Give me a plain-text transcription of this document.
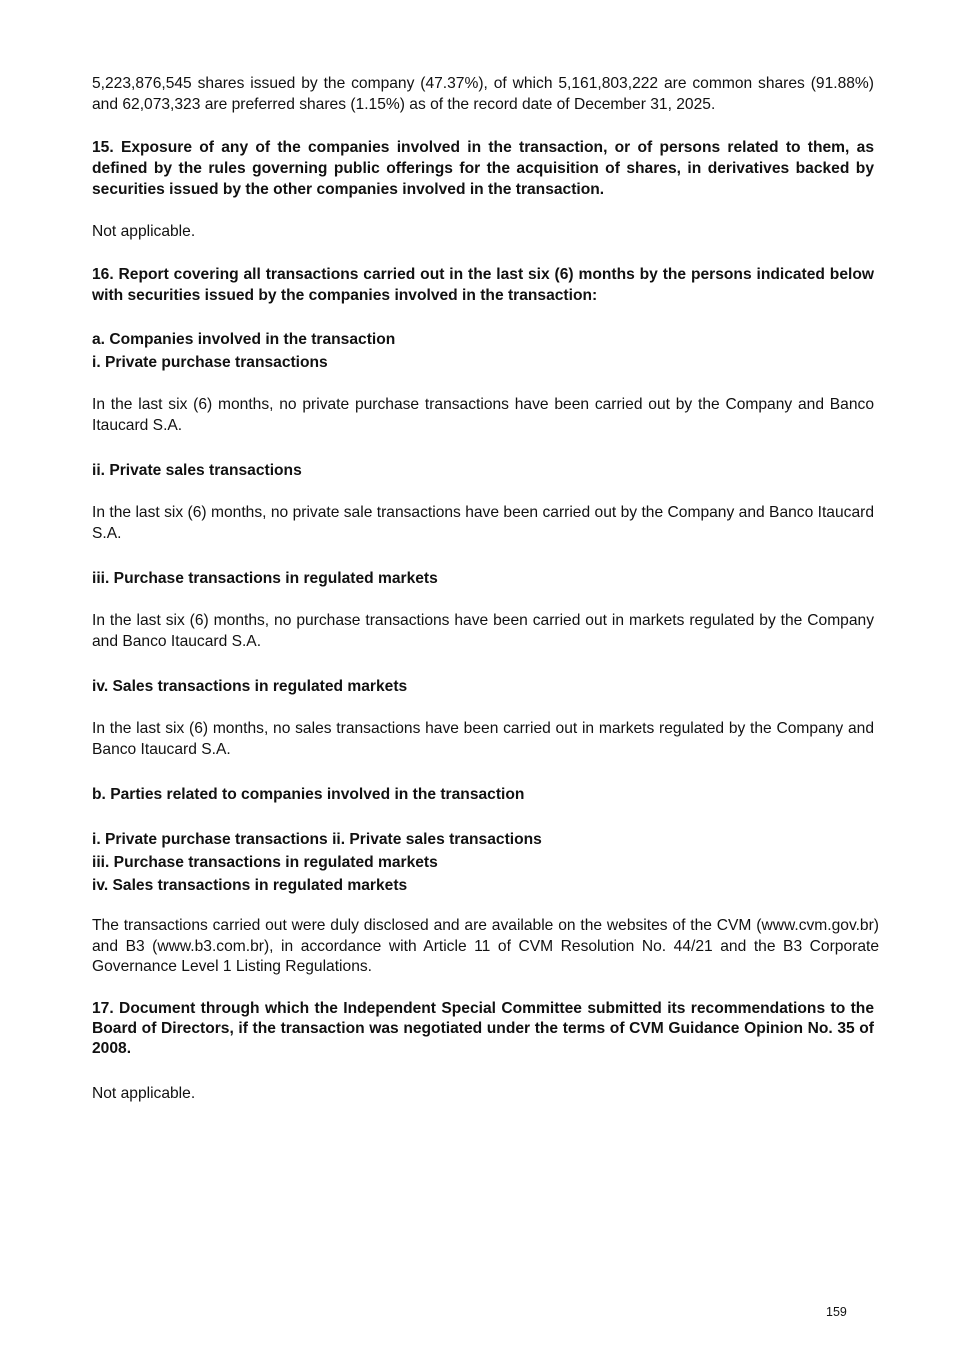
5,223,876,545 shares issued by the company (47.37%), of which 5,161,803,222 are common shares (91.88%) and 62,073,323 are preferred shares (1.15%) as of the record date of December 31, 2025.

15. Exposure of any of the companies involved in the transaction, or of persons related to them, as defined by the rules governing public offerings for the acquisition of shares, in derivatives backed by securities issued by the other companies involved in the transaction.

Not applicable.

16. Report covering all transactions carried out in the last six (6) months by the persons indicated below with securities issued by the companies involved in the transaction:

a. Companies involved in the transaction

i. Private purchase transactions

In the last six (6) months, no private purchase transactions have been carried out by the Company and Banco Itaucard S.A.

ii. Private sales transactions

In the last six (6) months, no private sale transactions have been carried out by the Company and Banco Itaucard S.A.

iii. Purchase transactions in regulated markets

In the last six (6) months, no purchase transactions have been carried out in markets regulated by the Company and Banco Itaucard S.A.

iv. Sales transactions in regulated markets

In the last six (6) months, no sales transactions have been carried out in markets regulated by the Company and Banco Itaucard S.A.

b. Parties related to companies involved in the transaction

i. Private purchase transactions ii. Private sales transactions
iii. Purchase transactions in regulated markets
iv. Sales transactions in regulated markets

The transactions carried out were duly disclosed and are available on the websites of the CVM (www.cvm.gov.br) and B3 (www.b3.com.br), in accordance with Article 11 of CVM Resolution No. 44/21 and the B3 Corporate Governance Level 1 Listing Regulations.

17. Document through which the Independent Special Committee submitted its recommendations to the Board of Directors, if the transaction was negotiated under the terms of CVM Guidance Opinion No. 35 of 2008.

Not applicable.

159
